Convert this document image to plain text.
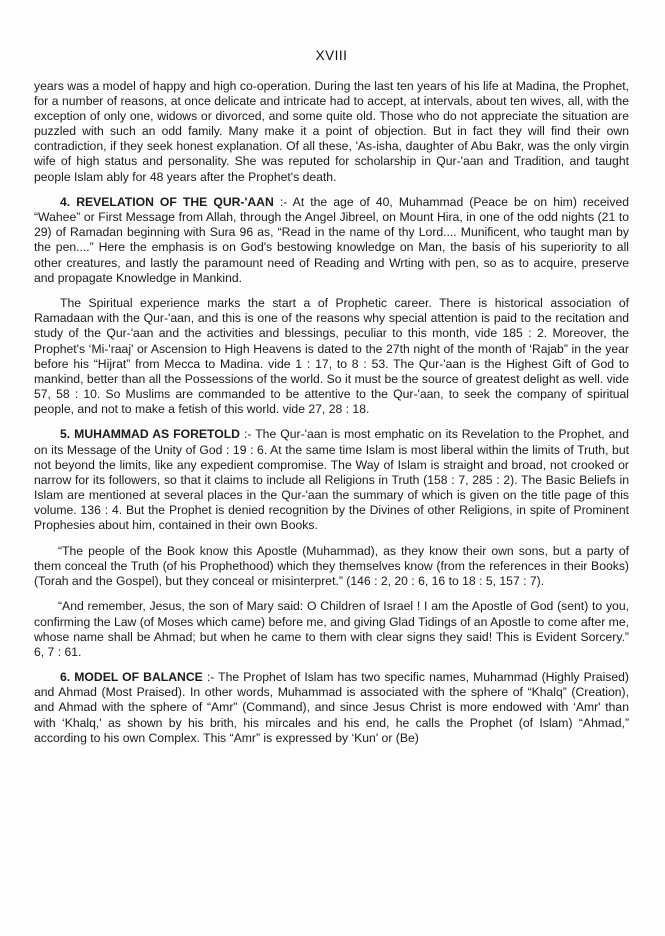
XVIII

years was a model of happy and high co-operation. During the last ten years of his life at Madina, the Prophet, for a number of reasons, at once delicate and intricate had to accept, at intervals, about ten wives, all, with the exception of only one, widows or divorced, and some quite old. Those who do not appreciate the situation are puzzled with such an odd family. Many make it a point of objection. But in fact they will find their own contradiction, if they seek honest explanation. Of all these, 'As-isha, daughter of Abu Bakr, was the only virgin wife of high status and personality. She was reputed for scholarship in Qur-'aan and Tradition, and taught people Islam ably for 48 years after the Prophet's death.

4. REVELATION OF THE QUR-'AAN :- At the age of 40, Muhammad (Peace be on him) received “Wahee” or First Message from Allah, through the Angel Jibreel, on Mount Hira, in one of the odd nights (21 to 29) of Ramadan beginning with Sura 96 as, “Read in the name of thy Lord.... Munificent, who taught man by the pen....” Here the emphasis is on God's bestowing knowledge on Man, the basis of his superiority to all other creatures, and lastly the paramount need of Reading and Wrting with pen, so as to acquire, preserve and propagate Knowledge in Mankind.

The Spiritual experience marks the start a of Prophetic career. There is historical association of Ramadaan with the Qur-'aan, and this is one of the reasons why special attention is paid to the recitation and study of the Qur-'aan and the activities and blessings, peculiar to this month, vide 185 : 2. Moreover, the Prophet's ‘Mi-'raaj' or Ascension to High Heavens is dated to the 27th night of the month of ‘Rajab” in the year before his “Hijrat” from Mecca to Madina. vide 1 : 17, to 8 : 53. The Qur-'aan is the Highest Gift of God to mankind, better than all the Possessions of the world. So it must be the source of greatest delight as well. vide 57, 58 : 10. So Muslims are commanded to be attentive to the Qur-'aan, to seek the company of spiritual people, and not to make a fetish of this world. vide 27, 28 : 18.

5. MUHAMMAD AS FORETOLD :- The Qur-'aan is most emphatic on its Revelation to the Prophet, and on its Message of the Unity of God : 19 : 6. At the same time Islam is most liberal within the limits of Truth, but not beyond the limits, like any expedient compromise. The Way of Islam is straight and broad, not crooked or narrow for its followers, so that it claims to include all Religions in Truth (158 : 7, 285 : 2). The Basic Beliefs in Islam are mentioned at several places in the Qur-'aan the summary of which is given on the title page of this volume. 136 : 4. But the Prophet is denied recognition by the Divines of other Religions, in spite of Prominent Prophesies about him, contained in their own Books.

“The people of the Book know this Apostle (Muhammad), as they know their own sons, but a party of them conceal the Truth (of his Prophethood) which they themselves know (from the references in their Books) (Torah and the Gospel), but they conceal or misinterpret.” (146 : 2, 20 : 6, 16 to 18 : 5, 157 : 7).

“And remember, Jesus, the son of Mary said: O Children of Israel ! I am the Apostle of God (sent) to you, confirming the Law (of Moses which came) before me, and giving Glad Tidings of an Apostle to come after me, whose name shall be Ahmad; but when he came to them with clear signs they said! This is Evident Sorcery.” 6, 7 : 61.

6. MODEL OF BALANCE :- The Prophet of Islam has two specific names, Muhammad (Highly Praised) and Ahmad (Most Praised). In other words, Muhammad is associated with the sphere of “Khalq” (Creation), and Ahmad with the sphere of “Amr” (Command), and since Jesus Christ is more endowed with ‘Amr' than with ‘Khalq,' as shown by his brith, his mircales and his end, he calls the Prophet (of Islam) “Ahmad,” according to his own Complex. This “Amr” is expressed by ‘Kun' or (Be)
